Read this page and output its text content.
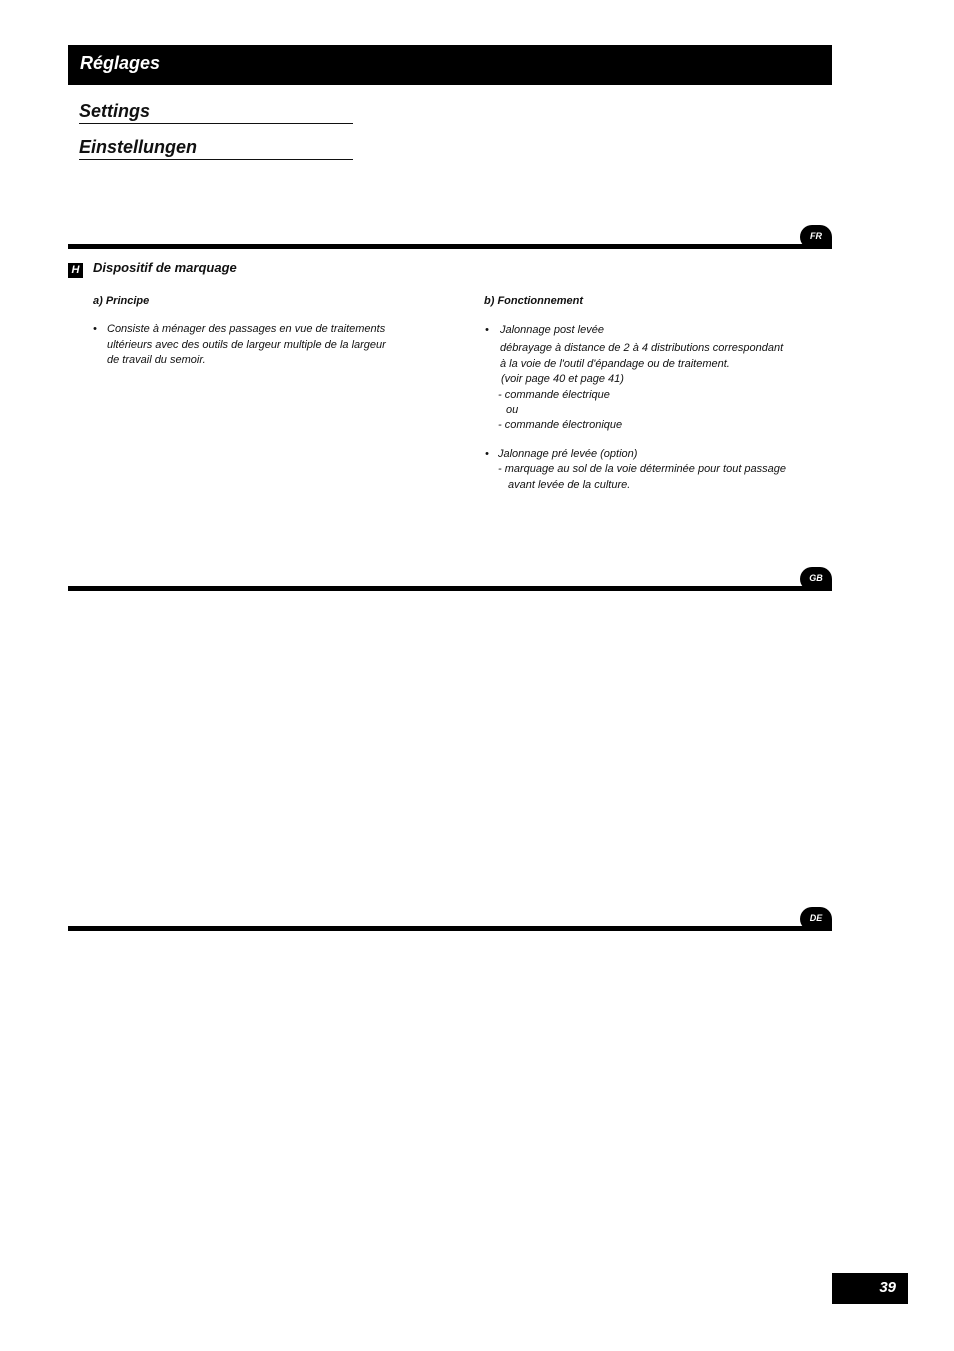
Réglages
Settings
Einstellungen
FR
H Dispositif de marquage
a) Principe
• Consiste à ménager des passages en vue de traitements
ultérieurs avec des outils de largeur multiple de la largeur
de travail du semoir.
b) Fonctionnement
• Jalonnage post levée
débrayage à distance de 2 à 4 distributions correspondant
à la voie de l'outil d'épandage ou de traitement.
(voir page 40 et page 41)
- commande électrique
ou
- commande électronique
• Jalonnage pré levée (option)
- marquage au sol de la voie déterminée pour tout passage
avant levée de la culture.
GB
DE
39
